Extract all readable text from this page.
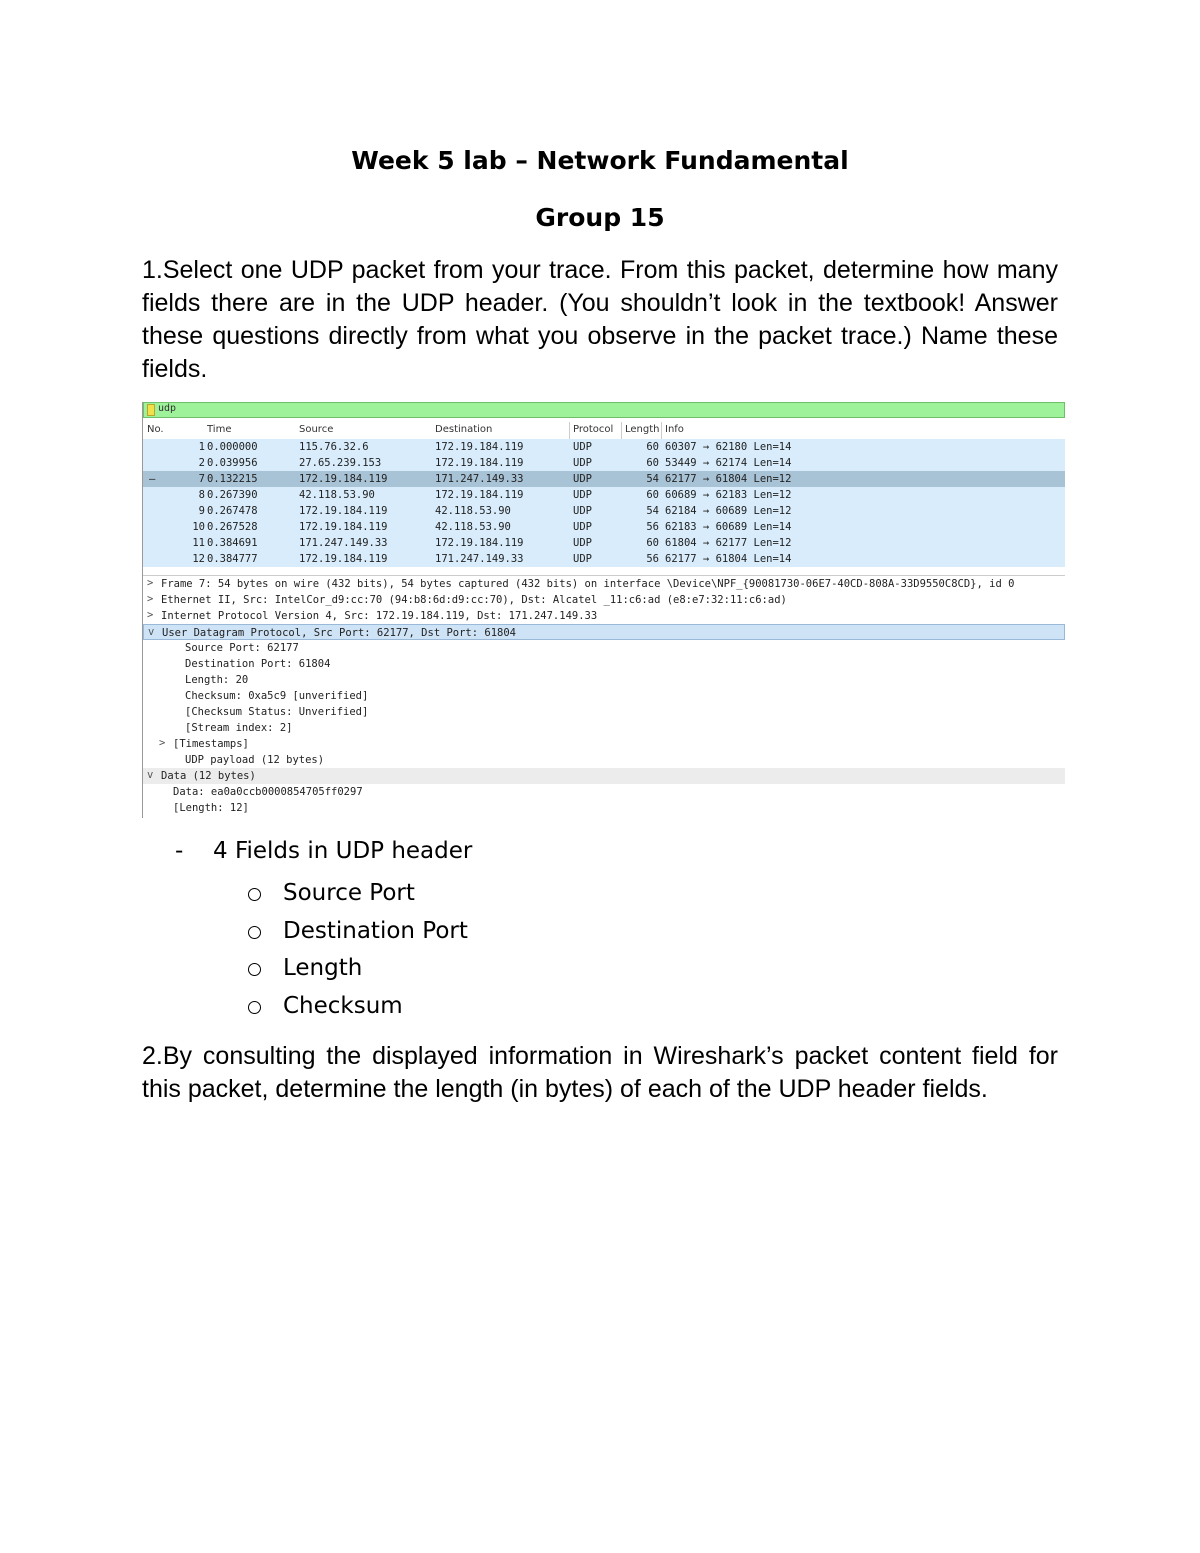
Week 5 lab – Network Fundamental
Group 15
1.Select one UDP packet from your trace. From this packet, determine how many fields there are in the UDP header. (You shouldn’t look in the textbook! Answer these questions directly from what you observe in the packet trace.) Name these fields.
udp
No.	Time	Source	Destination	Protocol Length Info
1 0.000000	115.76.32.6	172.19.184.119	UDP	60 60307 → 62180 Len=14
2 0.039956	27.65.239.153	172.19.184.119	UDP	60 53449 → 62174 Len=14
7 0.132215	172.19.184.119	171.247.149.33	UDP	54 62177 → 61804 Len=12
–
8 0.267390	42.118.53.90	172.19.184.119	UDP	60 60689 → 62183 Len=12
9 0.267478	172.19.184.119	42.118.53.90	UDP	54 62184 → 60689 Len=12
10 0.267528	172.19.184.119	42.118.53.90	UDP	56 62183 → 60689 Len=14
11 0.384691	171.247.149.33	172.19.184.119	UDP	60 61804 → 62177 Len=12
12 0.384777	172.19.184.119	171.247.149.33	UDP	56 62177 → 61804 Len=14
> Frame 7: 54 bytes on wire (432 bits), 54 bytes captured (432 bits) on interface \Device\NPF_{90081730-06E7-40CD-808A-33D9550C8CD}, id 0
> Ethernet II, Src: IntelCor_d9:cc:70 (94:b8:6d:d9:cc:70), Dst: Alcatel _11:c6:ad (e8:e7:32:11:c6:ad)
> Internet Protocol Version 4, Src: 172.19.184.119, Dst: 171.247.149.33
v User Datagram Protocol, Src Port: 62177, Dst Port: 61804
Source Port: 62177
Destination Port: 61804
Length: 20
Checksum: 0xa5c9 [unverified]
[Checksum Status: Unverified]
[Stream index: 2]
> [Timestamps]
UDP payload (12 bytes)
v Data (12 bytes)
Data: ea0a0ccb0000854705ff0297
[Length: 12]
- 4 Fields in UDP header
Source Port
Destination Port
Length
Checksum
2.By consulting the displayed information in Wireshark’s packet content field for this packet, determine the length (in bytes) of each of the UDP header fields.
